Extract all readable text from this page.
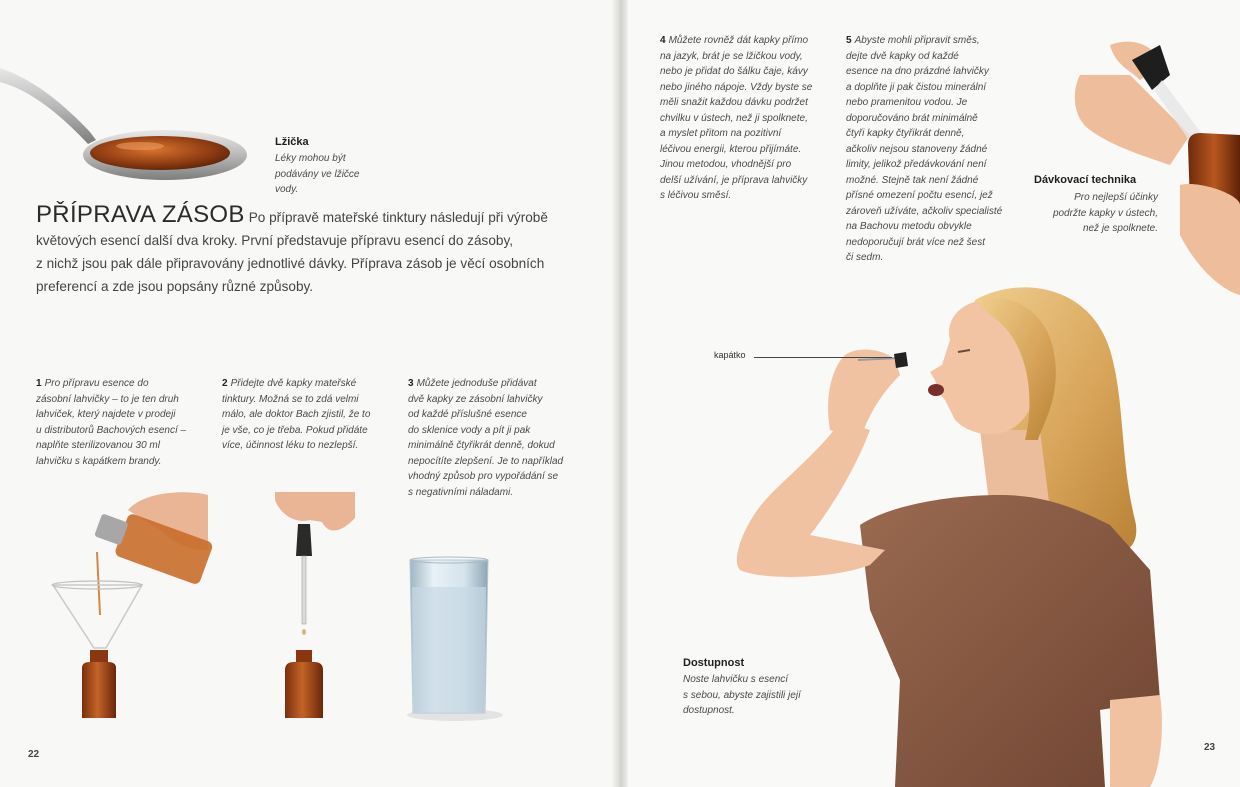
Lžička

Léky mohou být
podávány ve lžičce
vody.

PŘÍPRAVA ZÁSOB Po přípravě mateřské tinktury následují při výrobě
květových esencí další dva kroky. První představuje přípravu esencí do zásoby,
z nichž jsou pak dále připravovány jednotlivé dávky. Příprava zásob je věcí osobních
preferencí a zde jsou popsány různé způsoby.

1 Pro přípravu esence do
zásobní lahvičky – to je ten druh
lahviček, který najdete v prodeji
u distributorů Bachových esencí –
naplňte sterilizovanou 30 ml
lahvičku s kapátkem brandy.

2 Přidejte dvě kapky mateřské
tinktury. Možná se to zdá velmi
málo, ale doktor Bach zjistil, že to
je vše, co je třeba. Pokud přidáte
více, účinnost léku to nezlepší.

3 Můžete jednoduše přidávat
dvě kapky ze zásobní lahvičky
od každé příslušné esence
do sklenice vody a pít ji pak
minimálně čtyřikrát denně, dokud
nepocítíte zlepšení. Je to například
vhodný způsob pro vypořádání se
s negativními náladami.

22

4 Můžete rovněž dát kapky přímo
na jazyk, brát je se lžičkou vody,
nebo je přidat do šálku čaje, kávy
nebo jiného nápoje. Vždy byste se
měli snažit každou dávku podržet
chvilku v ústech, než ji spolknete,
a myslet přitom na pozitivní
léčivou energii, kterou přijímáte.
Jinou metodou, vhodnější pro
delší užívání, je příprava lahvičky
s léčivou směsí.

5 Abyste mohli připravit směs,
dejte dvě kapky od každé
esence na dno prázdné lahvičky
a doplňte ji pak čistou minerální
nebo pramenitou vodou. Je
doporučováno brát minimálně
čtyři kapky čtyřikrát denně,
ačkoliv nejsou stanoveny žádné
limity, jelikož předávkování není
možné. Stejně tak není žádné
přísné omezení počtu esencí, jež
zároveň užíváte, ačkoliv specialisté
na Bachovu metodu obvykle
nedoporučují brát více než šest
či sedm.

Dávkovací technika

Pro nejlepší účinky
podržte kapky v ústech,
než je spolknete.

kapátko

Dostupnost

Noste lahvičku s esencí
s sebou, abyste zajistili její
dostupnost.

23
